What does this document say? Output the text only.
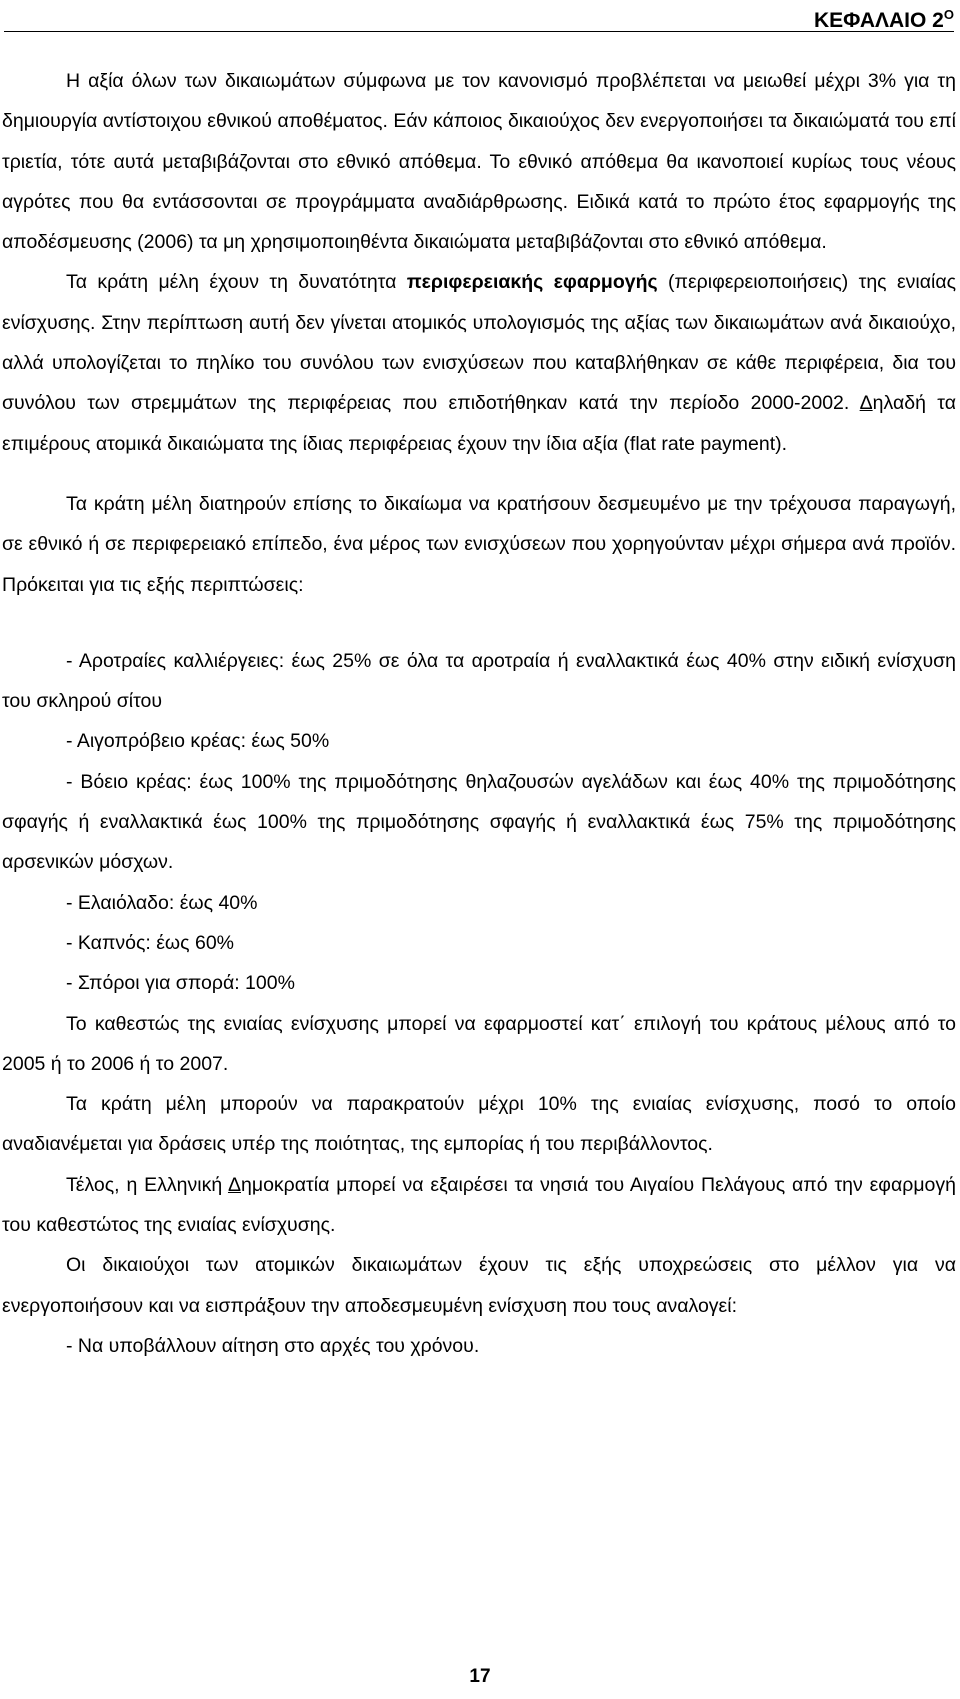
ΚΕΦΑΛΑΙΟ $2^O$

Η αξία όλων των δικαιωμάτων σύμφωνα με τον κανονισμό προβλέπεται να μειωθεί μέχρι 3% για τη δημιουργία αντίστοιχου εθνικού αποθέματος. Εάν κάποιος δικαιούχος δεν ενεργοποιήσει τα δικαιώματά του επί τριετία, τότε αυτά μεταβιβάζονται στο εθνικό απόθεμα. Το εθνικό απόθεμα θα ικανοποιεί κυρίως τους νέους αγρότες που θα εντάσσονται σε προγράμματα αναδιάρθρωσης. Ειδικά κατά το πρώτο έτος εφαρμογής της αποδέσμευσης (2006) τα μη χρησιμοποιηθέντα δικαιώματα μεταβιβάζονται στο εθνικό απόθεμα.

Τα κράτη μέλη έχουν τη δυνατότητα περιφερειακής εφαρμογής (περιφερειοποιήσεις) της ενιαίας ενίσχυσης. Στην περίπτωση αυτή δεν γίνεται ατομικός υπολογισμός της αξίας των δικαιωμάτων ανά δικαιούχο, αλλά υπολογίζεται το πηλίκο του συνόλου των ενισχύσεων που καταβλήθηκαν σε κάθε περιφέρεια, δια του συνόλου των στρεμμάτων της περιφέρειας που επιδοτήθηκαν κατά την περίοδο 2000-2002. Δηλαδή τα επιμέρους ατομικά δικαιώματα της ίδιας περιφέρειας έχουν την ίδια αξία (flat rate payment).

Τα κράτη μέλη διατηρούν επίσης το δικαίωμα να κρατήσουν δεσμευμένο με την τρέχουσα παραγωγή, σε εθνικό ή σε περιφερειακό επίπεδο, ένα μέρος των ενισχύσεων που χορηγούνταν μέχρι σήμερα ανά προϊόν. Πρόκειται για τις εξής περιπτώσεις:

- Αροτραίες καλλιέργειες: έως 25% σε όλα τα αροτραία ή εναλλακτικά έως 40% στην ειδική ενίσχυση του σκληρού σίτου

- Αιγοπρόβειο κρέας: έως 50%

- Βόειο κρέας: έως 100% της πριμοδότησης θηλαζουσών αγελάδων και έως 40% της πριμοδότησης σφαγής ή εναλλακτικά έως 100% της πριμοδότησης σφαγής ή εναλλακτικά έως 75% της πριμοδότησης αρσενικών μόσχων.

- Ελαιόλαδο: έως 40%

- Καπνός: έως 60%

- Σπόροι για σπορά: 100%

Το καθεστώς της ενιαίας ενίσχυσης μπορεί να εφαρμοστεί κατ΄ επιλογή του κράτους μέλους από το 2005 ή το 2006 ή το 2007.

Τα κράτη μέλη μπορούν να παρακρατούν μέχρι 10% της ενιαίας ενίσχυσης, ποσό το οποίο αναδιανέμεται για δράσεις υπέρ της ποιότητας, της εμπορίας ή του περιβάλλοντος.

Τέλος, η Ελληνική Δημοκρατία μπορεί να εξαιρέσει τα νησιά του Αιγαίου Πελάγους από την εφαρμογή του καθεστώτος της ενιαίας ενίσχυσης.

Οι δικαιούχοι των ατομικών δικαιωμάτων έχουν τις εξής υποχρεώσεις στο μέλλον για να ενεργοποιήσουν και να εισπράξουν την αποδεσμευμένη ενίσχυση που τους αναλογεί:

- Να υποβάλλουν αίτηση στο αρχές του χρόνου.

17
